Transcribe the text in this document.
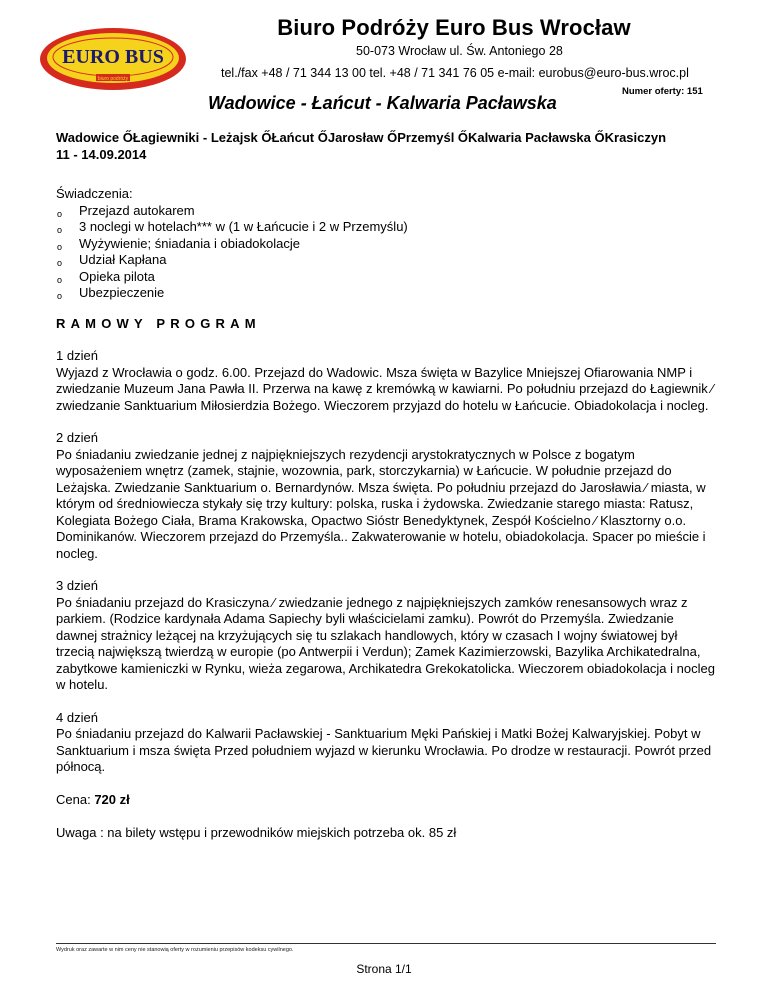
EURO BUS
biuro podróży
Biuro Podróży Euro Bus Wrocław
50-073 Wrocław ul. Św. Antoniego 28
tel./fax +48 / 71 344 13 00 tel. +48 / 71 341 76 05 e-mail: eurobus@euro-bus.wroc.pl
Wadowice - Łańcut - Kalwaria Pacławska
Numer oferty: 151

Wadowice ŐŁagiewniki - Leżajsk ŐŁańcut ŐJarosław ŐPrzemyśl ŐKalwaria Pacławska ŐKrasiczyn
11 - 14.09.2014

Świadczenia:
o Przejazd autokarem
o 3 noclegi w hotelach*** w (1 w Łańcucie i 2 w Przemyślu)
o Wyżywienie; śniadania i obiadokolacje
o Udział Kapłana
o Opieka pilota
o Ubezpieczenie
RAMOWY PROGRAM

1 dzień

Wyjazd z Wrocławia o godz. 6.00. Przejazd do Wadowic. Msza święta w Bazylice Mniejszej Ofiarowania NMP i zwiedzanie Muzeum Jana Pawła II. Przerwa na kawę z kremówką w kawiarni. Po południu przejazd do Łagiewnik ⁄ zwiedzanie Sanktuarium Miłosierdzia Bożego. Wieczorem przyjazd do hotelu w Łańcucie. Obiadokolacja i nocleg.

2 dzień

Po śniadaniu zwiedzanie jednej z najpiękniejszych rezydencji arystokratycznych w Polsce z bogatym wyposażeniem wnętrz (zamek, stajnie, wozownia, park, storczykarnia) w Łańcucie. W południe przejazd do Leżajska. Zwiedzanie Sanktuarium o. Bernardynów. Msza święta. Po południu przejazd do Jarosławia ⁄ miasta, w którym od średniowiecza stykały się trzy kultury: polska, ruska i żydowska. Zwiedzanie starego miasta: Ratusz, Kolegiata Bożego Ciała, Brama Krakowska, Opactwo Sióstr Benedyktynek, Zespół Kościelno ⁄ Klasztorny o.o. Dominikanów. Wieczorem przejazd do Przemyśla.. Zakwaterowanie w hotelu, obiadokolacja. Spacer po mieście i nocleg.

3 dzień

Po śniadaniu przejazd do Krasiczyna ⁄ zwiedzanie jednego z najpiękniejszych zamków renesansowych wraz z parkiem. (Rodzice kardynała Adama Sapiechy byli właścicielami zamku). Powrót do Przemyśla. Zwiedzanie dawnej strażnicy leżącej na krzyżujących się tu szlakach handlowych, który w czasach I wojny światowej był trzecią największą twierdzą w europie (po Antwerpii i Verdun); Zamek Kazimierzowski, Bazylika Archikatedralna, zabytkowe kamieniczki w Rynku, wieża zegarowa, Archikatedra Grekokatolicka. Wieczorem obiadokolacja i nocleg w hotelu.

4 dzień

Po śniadaniu przejazd do Kalwarii Pacławskiej - Sanktuarium Męki Pańskiej i Matki Bożej Kalwaryjskiej. Pobyt w Sanktuarium i msza święta Przed południem wyjazd w kierunku Wrocławia. Po drodze w restauracji. Powrót przed północą.

Cena: 720 zł
Uwaga : na bilety wstępu i przewodników miejskich potrzeba ok. 85 zł
Wydruk oraz zawarte w nim ceny nie stanowią oferty w rozumieniu przepisów kodeksu cywilnego.
Strona 1/1
